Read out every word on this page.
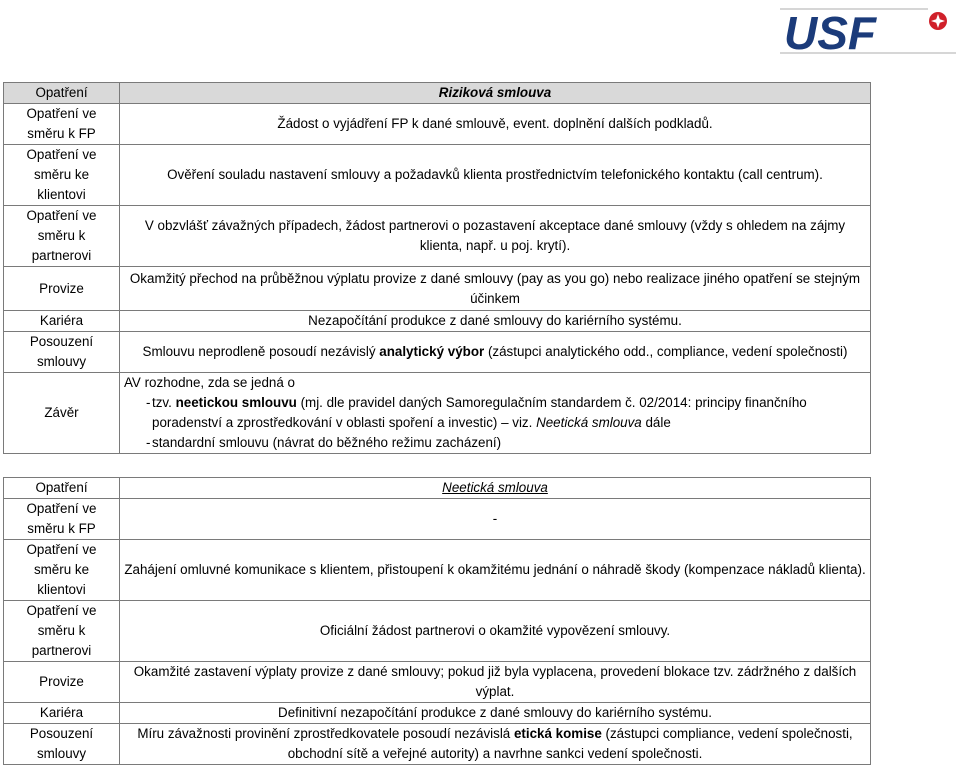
USF
Opatření	Riziková smlouva
Opatření ve směru k FP	Žádost o vyjádření FP k dané smlouvě, event. doplnění dalších podkladů.
Opatření ve směru ke klientovi	Ověření souladu nastavení smlouvy a požadavků klienta prostřednictvím telefonického kontaktu (call centrum).
Opatření ve směru k partnerovi	V obzvlášť závažných případech, žádost partnerovi o pozastavení akceptace dané smlouvy (vždy s ohledem na zájmy klienta, např. u poj. krytí).
Provize	Okamžitý přechod na průběžnou výplatu provize z dané smlouvy (pay as you go) nebo realizace jiného opatření se stejným účinkem
Kariéra	Nezapočítání produkce z dané smlouvy do kariérního systému.
Posouzení smlouvy	Smlouvu neprodleně posoudí nezávislý analytický výbor (zástupci analytického odd., compliance, vedení společnosti)
Závěr	AV rozhodne, zda se jedná o
- tzv. neetickou smlouvu (mj. dle pravidel daných Samoregulačním standardem č. 02/2014: principy finančního poradenství a zprostředkování v oblasti spoření a investic) – viz. Neetická smlouva dále
- standardní smlouvu (návrat do běžného režimu zacházení)
Opatření	Neetická smlouva
Opatření ve směru k FP	-
Opatření ve směru ke klientovi	Zahájení omluvné komunikace s klientem, přistoupení k okamžitému jednání o náhradě škody (kompenzace nákladů klienta).
Opatření ve směru k partnerovi	Oficiální žádost partnerovi o okamžité vypovězení smlouvy.
Provize	Okamžité zastavení výplaty provize z dané smlouvy; pokud již byla vyplacena, provedení blokace tzv. zádržného z dalších výplat.
Kariéra	Definitivní nezapočítání produkce z dané smlouvy do kariérního systému.
Posouzení smlouvy	Míru závažnosti provinění zprostředkovatele posoudí nezávislá etická komise (zástupci compliance, vedení společnosti, obchodní sítě a veřejné autority) a navrhne sankci vedení společnosti.
